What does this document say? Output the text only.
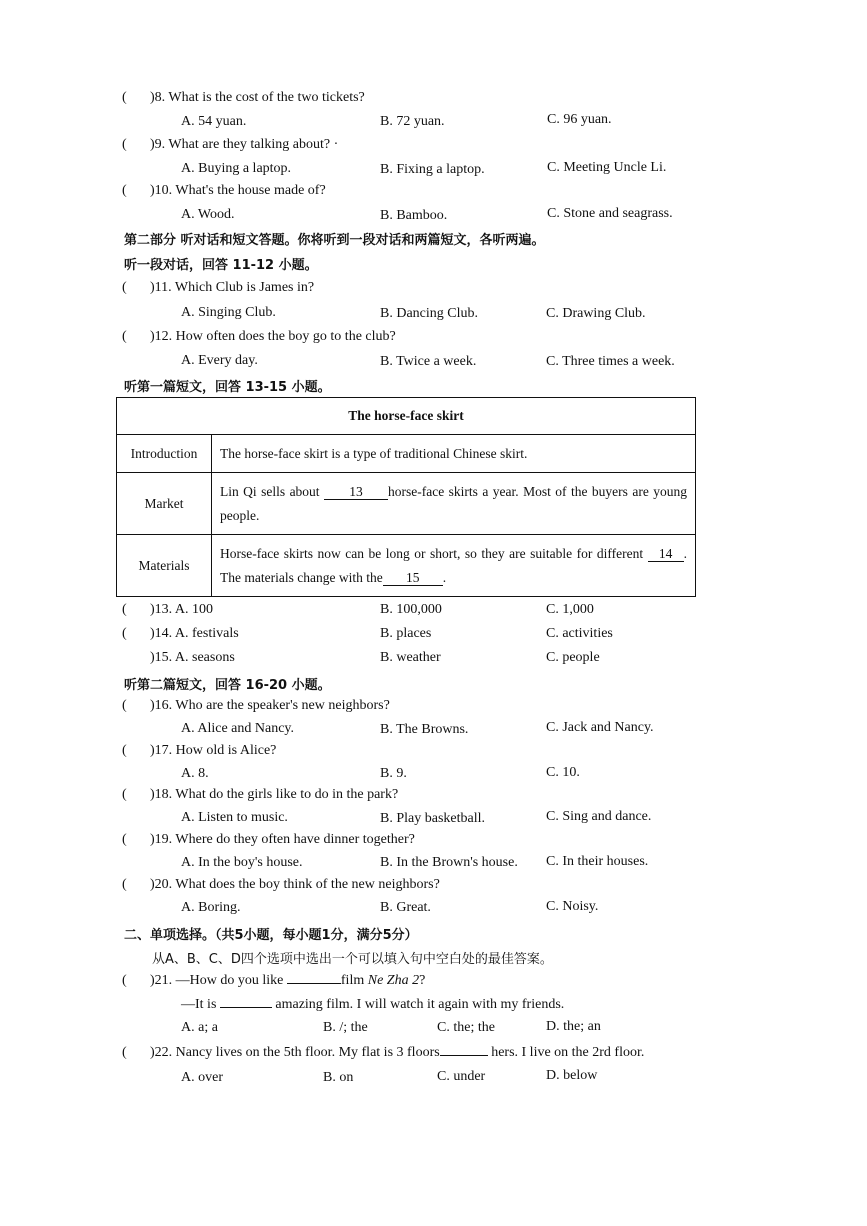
( )8. What is the cost of the two tickets?
A. 54 yuan.	B. 72 yuan.	C. 96 yuan.
( )9. What are they talking about? ·
A. Buying a laptop.	B. Fixing a laptop.	C. Meeting Uncle Li.
( )10. What's the house made of?
A. Wood.	B. Bamboo.	C. Stone and seagrass.
第二部分 听对话和短文答题。你将听到一段对话和两篇短文，各听两遍。
听一段对话，回答 11-12 小题。
( )11. Which Club is James in?
A. Singing Club.	B. Dancing Club.	C. Drawing Club.
( )12. How often does the boy go to the club?
A. Every day.	B. Twice a week.	C. Three times a week.
听第一篇短文，回答 13-15 小题。
The horse-face skirt	
Introduction	The horse-face skirt is a type of traditional Chinese skirt.
Market	Lin Qi sells about 13 horse-face skirts a year. Most of the buyers are young people.
Materials	Horse-face skirts now can be long or short, so they are suitable for different 14 . The materials change with the 15 .
( )13. A. 100	B. 100,000	C. 1,000
( )14. A. festivals	B. places	C. activities
)15. A. seasons	B. weather	C. people
听第二篇短文，回答 16-20 小题。
( )16. Who are the speaker's new neighbors?
A. Alice and Nancy.	B. The Browns.	C. Jack and Nancy.
( )17. How old is Alice?
A. 8.	B. 9.	C. 10.
( )18. What do the girls like to do in the park?
A. Listen to music.	B. Play basketball.	C. Sing and dance.
( )19. Where do they often have dinner together?
A. In the boy's house.	B. In the Brown's house. C. In their houses.
( )20. What does the boy think of the new neighbors?
A. Boring.	B. Great.	C. Noisy.
二、单项选择。（共5小题，每小题1分，满分5分）
从A、B、C、D四个选项中选出一个可以填入句中空白处的最佳答案。
( )21. —How do you like	film Ne Zha 2?
—It is	amazing film. I will watch it again with my friends.
A. a; a	B. /; the	C. the; the	D. the; an
( )22. Nancy lives on the 5th floor. My flat is 3 floors	hers. I live on the 2rd floor.
A. over	B. on	C. under	D. below
